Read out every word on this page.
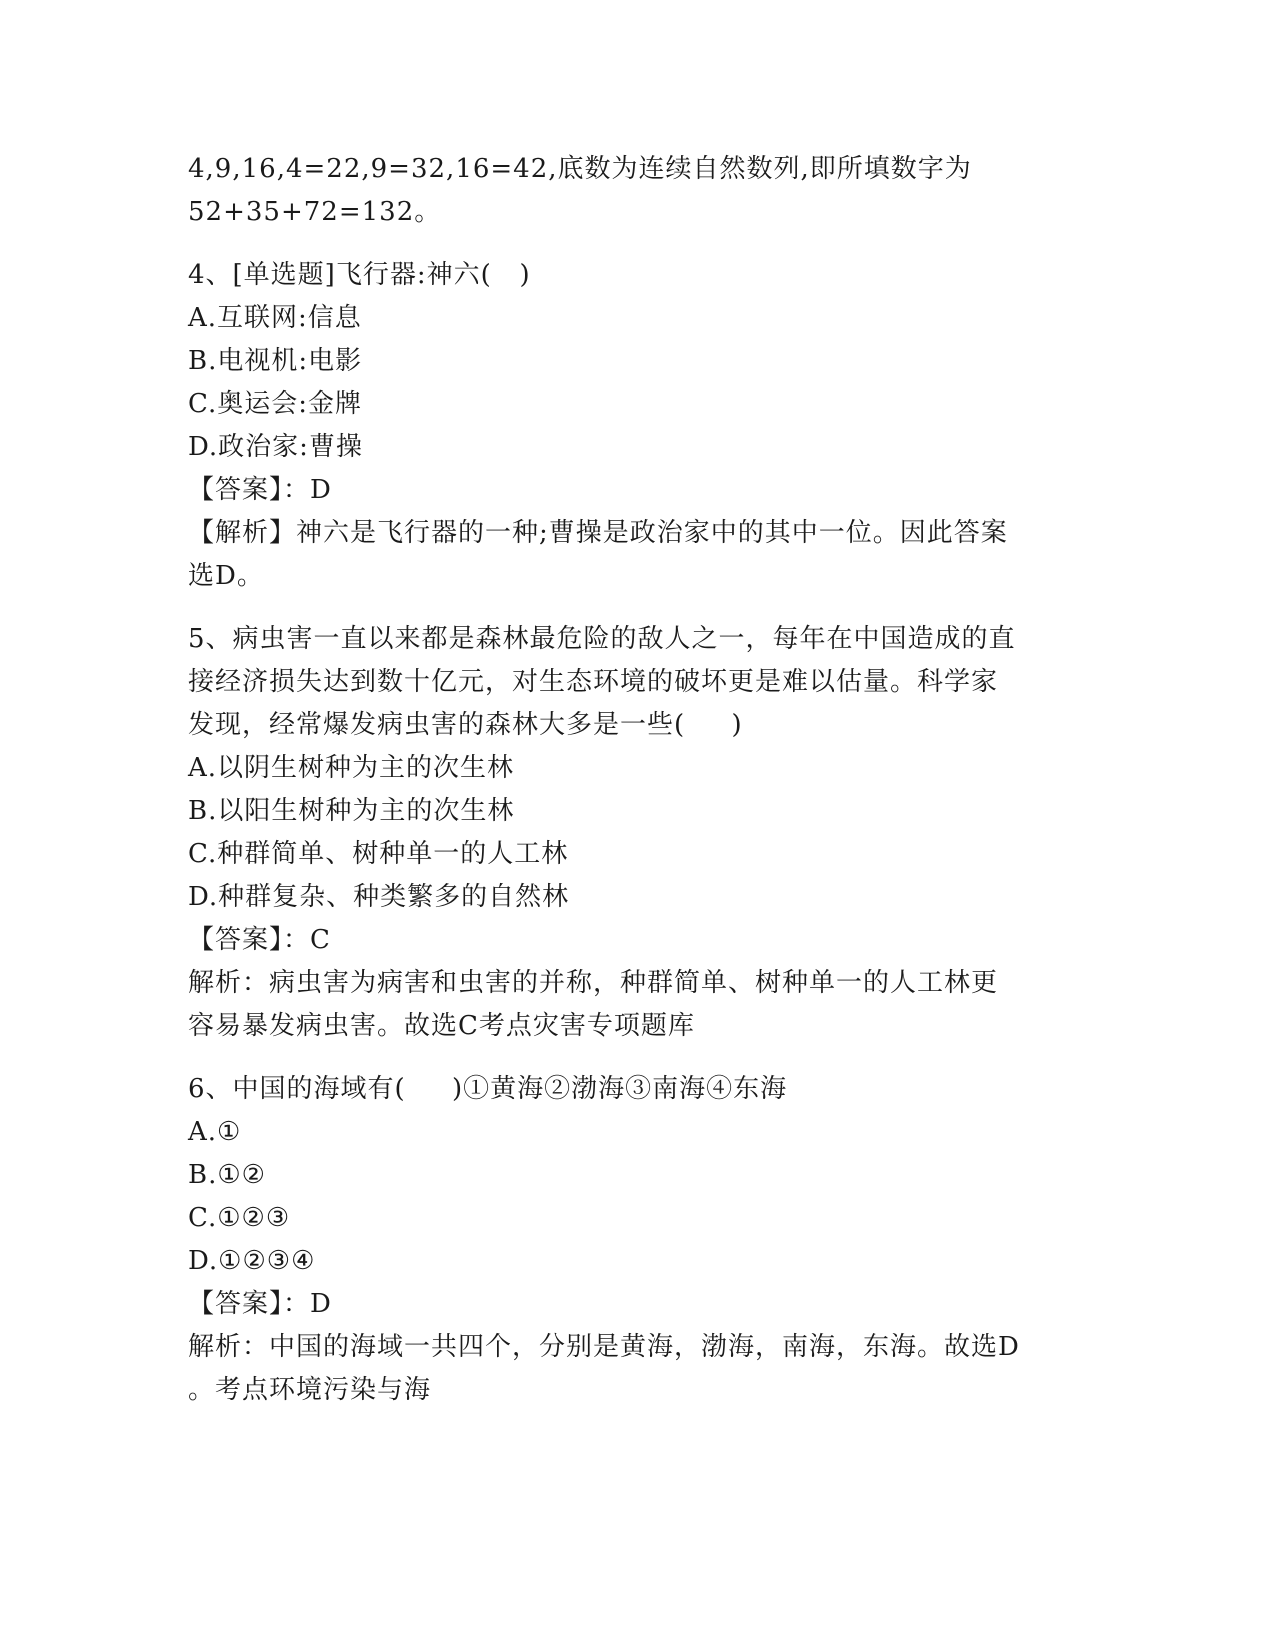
4,9,16,4=22,9=32,16=42,底数为连续自然数列,即所填数字为
52+35+72=132。
4、[单选题]飞行器:神六(   )
A.互联网:信息
B.电视机:电影
C.奥运会:金牌
D.政治家:曹操
【答案】：D
【解析】神六是飞行器的一种;曹操是政治家中的其中一位。因此答案
选D。
5、病虫害一直以来都是森林最危险的敌人之一，每年在中国造成的直
接经济损失达到数十亿元，对生态环境的破坏更是难以估量。科学家
发现，经常爆发病虫害的森林大多是一些(     )
A.以阴生树种为主的次生林
B.以阳生树种为主的次生林
C.种群简单、树种单一的人工林
D.种群复杂、种类繁多的自然林
【答案】：C
解析：病虫害为病害和虫害的并称，种群简单、树种单一的人工林更
容易暴发病虫害。故选C考点灾害专项题库
6、中国的海域有(     )①黄海②渤海③南海④东海
A.①
B.①②
C.①②③
D.①②③④
【答案】：D
解析：中国的海域一共四个，分别是黄海，渤海，南海，东海。故选D
。考点环境污染与海
